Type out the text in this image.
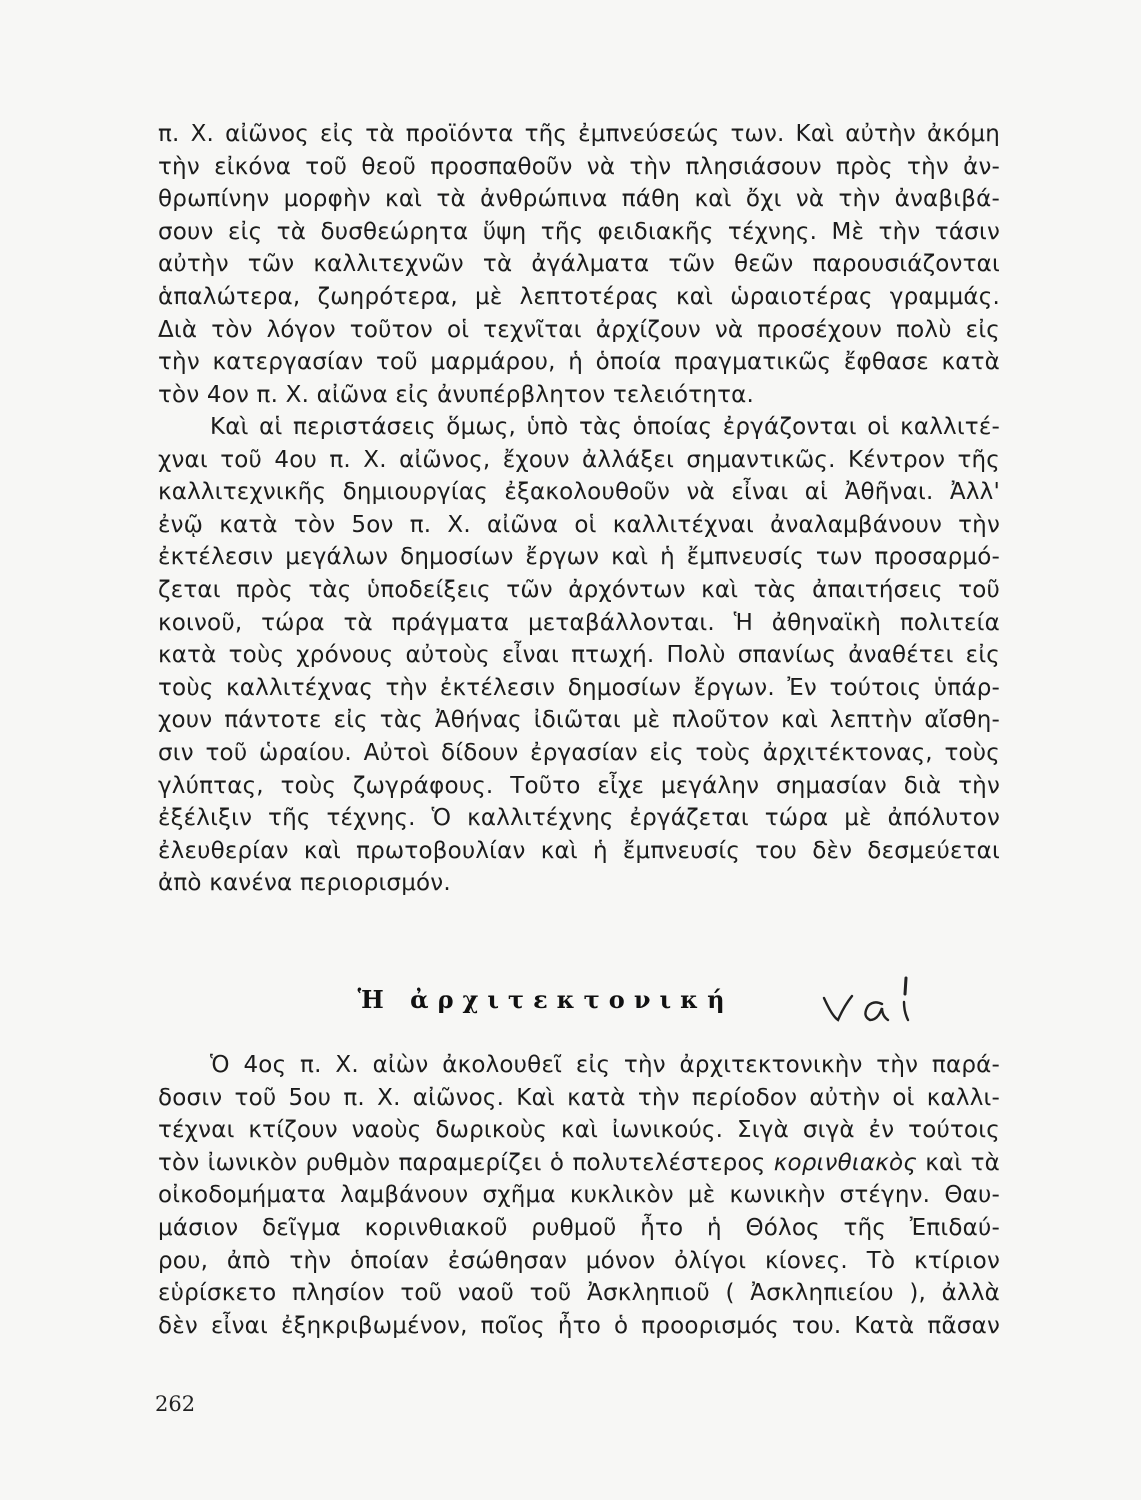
π. Χ. αἰῶνος εἰς τὰ προϊόντα τῆς ἐμπνεύσεώς των. Καὶ αὐτὴν ἀκόμη
τὴν εἰκόνα τοῦ θεοῦ προσπαθοῦν νὰ τὴν πλησιάσουν πρὸς τὴν ἀν-
θρωπίνην μορφὴν καὶ τὰ ἀνθρώπινα πάθη καὶ ὄχι νὰ τὴν ἀναβιβά-
σουν εἰς τὰ δυσθεώρητα ὕψη τῆς φειδιακῆς τέχνης. Μὲ τὴν τάσιν
αὐτὴν τῶν καλλιτεχνῶν τὰ ἀγάλματα τῶν θεῶν παρουσιάζονται
ἁπαλώτερα, ζωηρότερα, μὲ λεπτοτέρας καὶ ὡραιοτέρας γραμμάς.
Διὰ τὸν λόγον τοῦτον οἱ τεχνῖται ἀρχίζουν νὰ προσέχουν πολὺ εἰς
τὴν κατεργασίαν τοῦ μαρμάρου, ἡ ὁποία πραγματικῶς ἔφθασε κατὰ
τὸν 4ον π. Χ. αἰῶνα εἰς ἀνυπέρβλητον τελειότητα.
Καὶ αἱ περιστάσεις ὅμως, ὑπὸ τὰς ὁποίας ἐργάζονται οἱ καλλιτέ-
χναι τοῦ 4ου π. Χ. αἰῶνος, ἔχουν ἀλλάξει σημαντικῶς. Κέντρον τῆς
καλλιτεχνικῆς δημιουργίας ἐξακολουθοῦν νὰ εἶναι αἱ Ἀθῆναι. Ἀλλ'
ἐνῷ κατὰ τὸν 5ον π. Χ. αἰῶνα οἱ καλλιτέχναι ἀναλαμβάνουν τὴν
ἐκτέλεσιν μεγάλων δημοσίων ἔργων καὶ ἡ ἔμπνευσίς των προσαρμό-
ζεται πρὸς τὰς ὑποδείξεις τῶν ἀρχόντων καὶ τὰς ἀπαιτήσεις τοῦ
κοινοῦ, τώρα τὰ πράγματα μεταβάλλονται. Ἡ ἀθηναϊκὴ πολιτεία
κατὰ τοὺς χρόνους αὐτοὺς εἶναι πτωχή. Πολὺ σπανίως ἀναθέτει εἰς
τοὺς καλλιτέχνας τὴν ἐκτέλεσιν δημοσίων ἔργων. Ἐν τούτοις ὑπάρ-
χουν πάντοτε εἰς τὰς Ἀθήνας ἰδιῶται μὲ πλοῦτον καὶ λεπτὴν αἴσθη-
σιν τοῦ ὡραίου. Αὐτοὶ δίδουν ἐργασίαν εἰς τοὺς ἀρχιτέκτονας, τοὺς
γλύπτας, τοὺς ζωγράφους. Τοῦτο εἶχε μεγάλην σημασίαν διὰ τὴν
ἐξέλιξιν τῆς τέχνης. Ὁ καλλιτέχνης ἐργάζεται τώρα μὲ ἀπόλυτον
ἐλευθερίαν καὶ πρωτοβουλίαν καὶ ἡ ἔμπνευσίς του δὲν δεσμεύεται
ἀπὸ κανένα περιορισμόν.
Ἡ ἀρχιτεκτονική
Ναι
Ὁ 4ος π. Χ. αἰὼν ἀκολουθεῖ εἰς τὴν ἀρχιτεκτονικὴν τὴν παρά-
δοσιν τοῦ 5ου π. Χ. αἰῶνος. Καὶ κατὰ τὴν περίοδον αὐτὴν οἱ καλλι-
τέχναι κτίζουν ναοὺς δωρικοὺς καὶ ἰωνικούς. Σιγὰ σιγὰ ἐν τούτοις
τὸν ἰωνικὸν ρυθμὸν παραμερίζει ὁ πολυτελέστερος κορινθιακὸς καὶ τὰ
οἰκοδομήματα λαμβάνουν σχῆμα κυκλικὸν μὲ κωνικὴν στέγην. Θαυ-
μάσιον δεῖγμα κορινθιακοῦ ρυθμοῦ ἦτο ἡ Θόλος τῆς Ἐπιδαύ-
ρου, ἀπὸ τὴν ὁποίαν ἐσώθησαν μόνον ὀλίγοι κίονες. Τὸ κτίριον
εὑρίσκετο πλησίον τοῦ ναοῦ τοῦ Ἀσκληπιοῦ ( Ἀσκληπιείου ), ἀλλὰ
δὲν εἶναι ἐξηκριβωμένον, ποῖος ἦτο ὁ προορισμός του. Κατὰ πᾶσαν
262
